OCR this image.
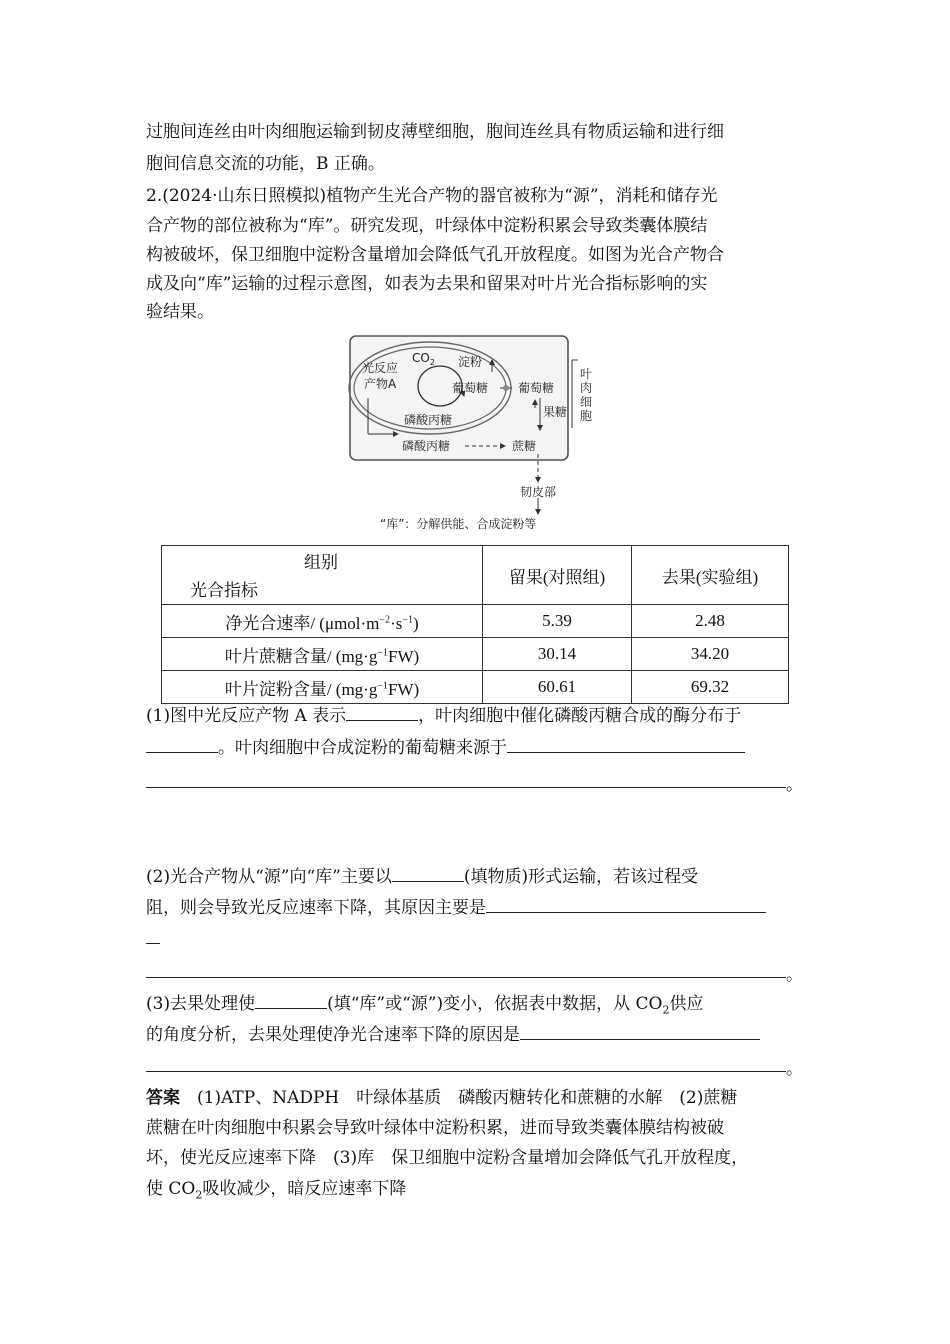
过胞间连丝由叶肉细胞运输到韧皮薄壁细胞，胞间连丝具有物质运输和进行细
胞间信息交流的功能，B 正确。
2.(2024·山东日照模拟)植物产生光合产物的器官被称为“源”，消耗和储存光
合产物的部位被称为“库”。研究发现，叶绿体中淀粉积累会导致类囊体膜结
构被破坏，保卫细胞中淀粉含量增加会降低气孔开放程度。如图为光合产物合
成及向“库”运输的过程示意图，如表为去果和留果对叶片光合指标影响的实
验结果。
光反应
产物A
$CO_2$ 淀粉
葡萄糖 葡萄糖
磷酸丙糖
果糖
磷酸丙糖	蔗糖
叶
肉
细
胞
韧皮部
“库”：分解供能、合成淀粉等
组别
光合指标	留果(对照组)	去果(实验组)
净光合速率/ $(\mu mol\cdot m^{-2}\cdot s^{-1})$	5.39	2.48
叶片蔗糖含量/ $(mg\cdot g^{-1}FW)$	30.14	34.20
叶片淀粉含量/ $(mg\cdot g^{-1}FW)$	60.61	69.32
(1)图中光反应产物 A 表示	，叶肉细胞中催化磷酸丙糖合成的酶分布于
。叶肉细胞中合成淀粉的葡萄糖来源于
。
(2)光合产物从“源”向“库”主要以	(填物质)形式运输，若该过程受
阻，则会导致光反应速率下降，其原因主要是
。
(3)去果处理使	(填“库”或“源”)变小，依据表中数据，从 $CO_2$供应
的角度分析，去果处理使净光合速率下降的原因是
。
答案　 (1)ATP、NADPH　叶绿体基质　磷酸丙糖转化和蔗糖的水解　(2)蔗糖
蔗糖在叶肉细胞中积累会导致叶绿体中淀粉积累，进而导致类囊体膜结构被破
坏，使光反应速率下降　(3)库　保卫细胞中淀粉含量增加会降低气孔开放程度，
使 $CO_2$吸收减少，暗反应速率下降
